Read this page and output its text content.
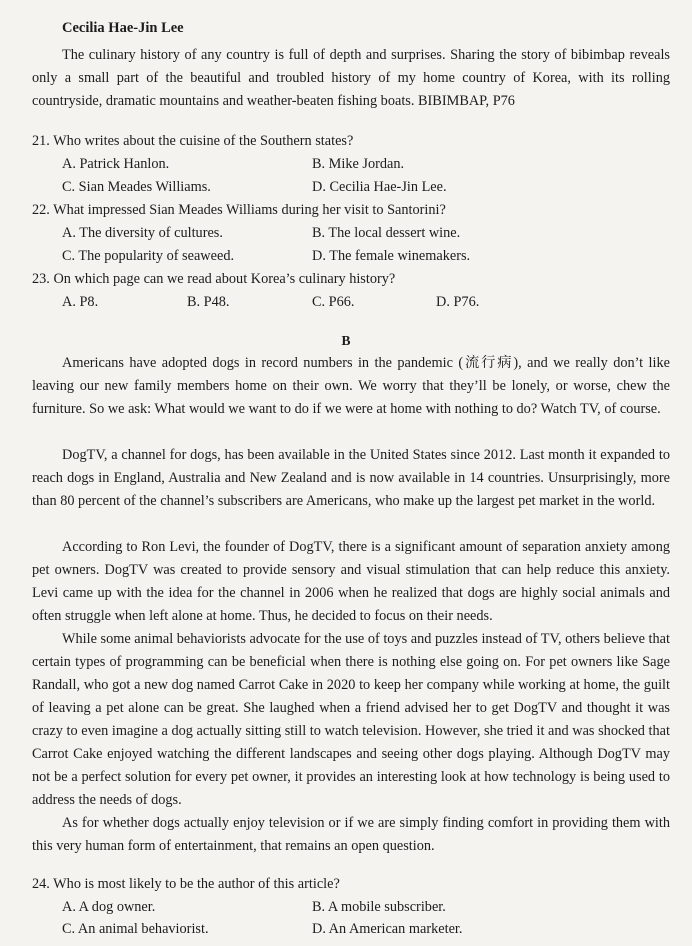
Cecilia Hae-Jin Lee

The culinary history of any country is full of depth and surprises. Sharing the story of bibimbap reveals only a small part of the beautiful and troubled history of my home country of Korea, with its rolling countryside, dramatic mountains and weather-beaten fishing boats. BIBIMBAP, P76

21. Who writes about the cuisine of the Southern states?
A. Patrick Hanlon.	B. Mike Jordan.
C. Sian Meades Williams.	D. Cecilia Hae-Jin Lee.
22. What impressed Sian Meades Williams during her visit to Santorini?
A. The diversity of cultures.	B. The local dessert wine.
C. The popularity of seaweed.	D. The female winemakers.
23. On which page can we read about Korea’s culinary history?
A. P8.	B. P48.	C. P66.	D. P76.
B

Americans have adopted dogs in record numbers in the pandemic (流行病), and we really don’t like leaving our new family members home on their own. We worry that they’ll be lonely, or worse, chew the furniture. So we ask: What would we want to do if we were at home with nothing to do? Watch TV, of course.

DogTV, a channel for dogs, has been available in the United States since 2012. Last month it expanded to reach dogs in England, Australia and New Zealand and is now available in 14 countries. Unsurprisingly, more than 80 percent of the channel’s subscribers are Americans, who make up the largest pet market in the world.

According to Ron Levi, the founder of DogTV, there is a significant amount of separation anxiety among pet owners. DogTV was created to provide sensory and visual stimulation that can help reduce this anxiety. Levi came up with the idea for the channel in 2006 when he realized that dogs are highly social animals and often struggle when left alone at home. Thus, he decided to focus on their needs.

While some animal behaviorists advocate for the use of toys and puzzles instead of TV, others believe that certain types of programming can be beneficial when there is nothing else going on. For pet owners like Sage Randall, who got a new dog named Carrot Cake in 2020 to keep her company while working at home, the guilt of leaving a pet alone can be great. She laughed when a friend advised her to get DogTV and thought it was crazy to even imagine a dog actually sitting still to watch television. However, she tried it and was shocked that Carrot Cake enjoyed watching the different landscapes and seeing other dogs playing. Although DogTV may not be a perfect solution for every pet owner, it provides an interesting look at how technology is being used to address the needs of dogs.

As for whether dogs actually enjoy television or if we are simply finding comfort in providing them with this very human form of entertainment, that remains an open question.

24. Who is most likely to be the author of this article?
A. A dog owner.	B. A mobile subscriber.
C. An animal behaviorist.	D. An American marketer.
